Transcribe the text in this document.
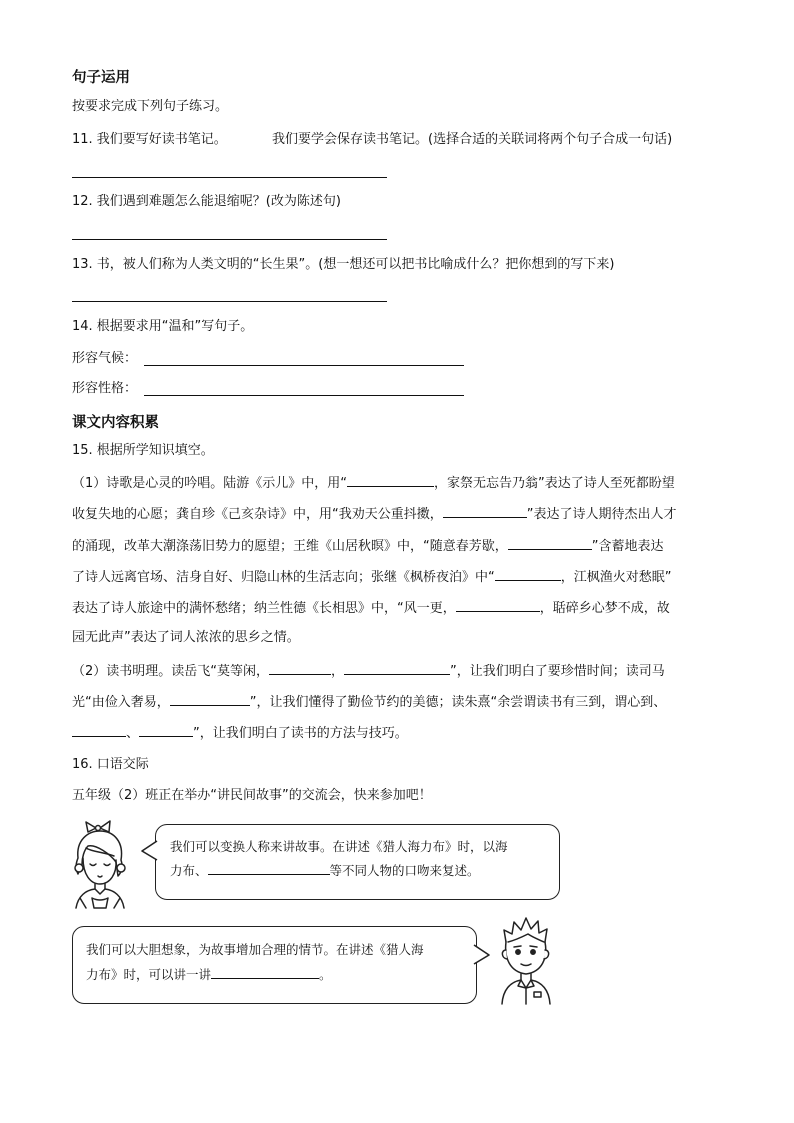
句子运用
按要求完成下列句子练习。
11. 我们要写好读书笔记。	我们要学会保存读书笔记。(选择合适的关联词将两个句子合成一句话)
12. 我们遇到难题怎么能退缩呢？(改为陈述句)
13. 书，被人们称为人类文明的“长生果”。(想一想还可以把书比喻成什么？把你想到的写下来)
14. 根据要求用“温和”写句子。
形容气候：
形容性格：
课文内容积累
15. 根据所学知识填空。
（1）诗歌是心灵的吟唱。陆游《示儿》中，用“	，家祭无忘告乃翁”表达了诗人至死都盼望
收复失地的心愿；龚自珍《己亥杂诗》中，用“我劝天公重抖擞，	”表达了诗人期待杰出人才
的涌现，改革大潮涤荡旧势力的愿望；王维《山居秋暝》中，“随意春芳歇，	”含蓄地表达
了诗人远离官场、洁身自好、归隐山林的生活志向；张继《枫桥夜泊》中“	，江枫渔火对愁眠”
表达了诗人旅途中的满怀愁绪；纳兰性德《长相思》中，“风一更，	，聒碎乡心梦不成，故
园无此声”表达了词人浓浓的思乡之情。
（2）读书明理。读岳飞“莫等闲，	，	”，让我们明白了要珍惜时间；读司马
光“由俭入奢易，	”，让我们懂得了勤俭节约的美德；读朱熹“余尝谓读书有三到，谓心到、
、	”，让我们明白了读书的方法与技巧。
16. 口语交际
五年级（2）班正在举办“讲民间故事”的交流会，快来参加吧！
我们可以变换人称来讲故事。在讲述《猎人海力布》时，以海
力布、	等不同人物的口吻来复述。
我们可以大胆想象，为故事增加合理的情节。在讲述《猎人海
力布》时，可以讲一讲	。
